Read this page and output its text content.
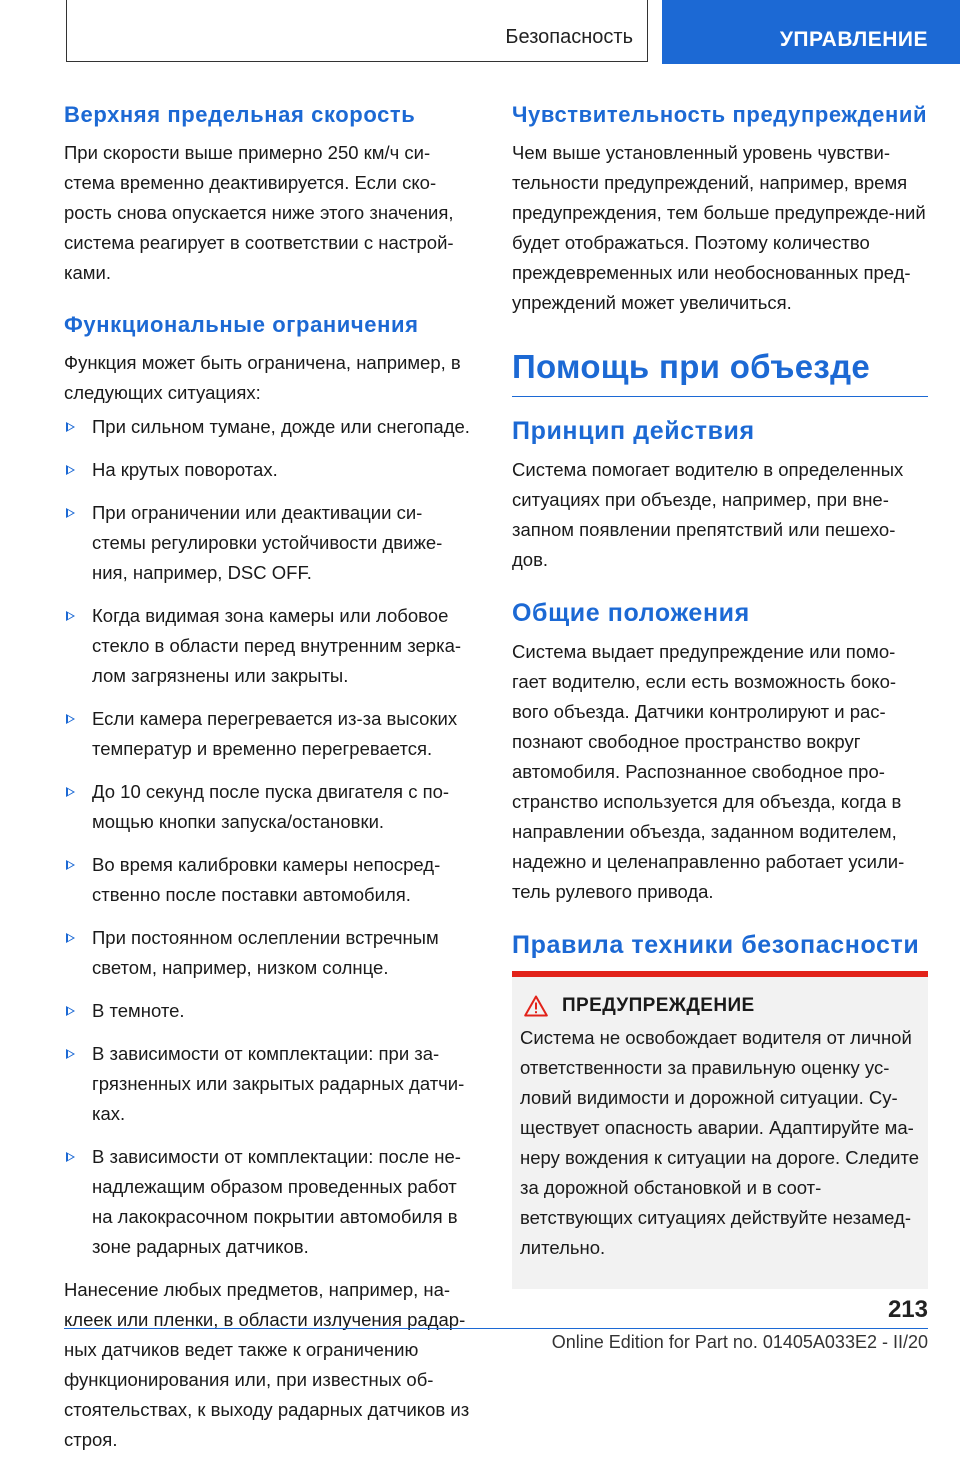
Безопасность	УПРАВЛЕНИЕ
Верхняя предельная скорость

При скорости выше примерно 250 км/ч си-стема временно деактивируется. Если ско-рость снова опускается ниже этого значения, система реагирует в соответствии с настрой-ками.

Функциональные ограничения

Функция может быть ограничена, например, в следующих ситуациях:

При сильном тумане, дожде или снегопаде.
На крутых поворотах.
При ограничении или деактивации си-стемы регулировки устойчивости движе-ния, например, DSC OFF.
Когда видимая зона камеры или лобовое стекло в области перед внутренним зерка-лом загрязнены или закрыты.
Если камера перегревается из-за высоких температур и временно перегревается.
До 10 секунд после пуска двигателя с по-мощью кнопки запуска/остановки.
Во время калибровки камеры непосред-ственно после поставки автомобиля.
При постоянном ослеплении встречным светом, например, низком солнце.
В темноте.
В зависимости от комплектации: при за-грязненных или закрытых радарных датчи-ках.
В зависимости от комплектации: после не-надлежащим образом проведенных работ на лакокрасочном покрытии автомобиля в зоне радарных датчиков.

Нанесение любых предметов, например, на-клеек или пленки, в области излучения радар-ных датчиков ведет также к ограничению функционирования или, при известных об-стоятельствах, к выходу радарных датчиков из строя.

Чувствительность предупреждений

Чем выше установленный уровень чувстви-тельности предупреждений, например, время предупреждения, тем больше предупрежде-ний будет отображаться. Поэтому количество преждевременных или необоснованных пред-упреждений может увеличиться.

Помощь при объезде
Принцип действия

Система помогает водителю в определенных ситуациях при объезде, например, при вне-запном появлении препятствий или пешехо-дов.

Общие положения

Система выдает предупреждение или помо-гает водителю, если есть возможность боко-вого объезда. Датчики контролируют и рас-познают свободное пространство вокруг автомобиля. Распознанное свободное про-странство используется для объезда, когда в направлении объезда, заданном водителем, надежно и целенаправленно работает усили-тель рулевого привода.

Правила техники безопасности
ПРЕДУПРЕЖДЕНИЕ

Система не освобождает водителя от личной ответственности за правильную оценку ус-ловий видимости и дорожной ситуации. Су-ществует опасность аварии. Адаптируйте ма-неру вождения к ситуации на дороге. Следите за дорожной обстановкой и в соот-ветствующих ситуациях действуйте незамед-лительно.

213
Online Edition for Part no. 01405A033E2 - II/20
